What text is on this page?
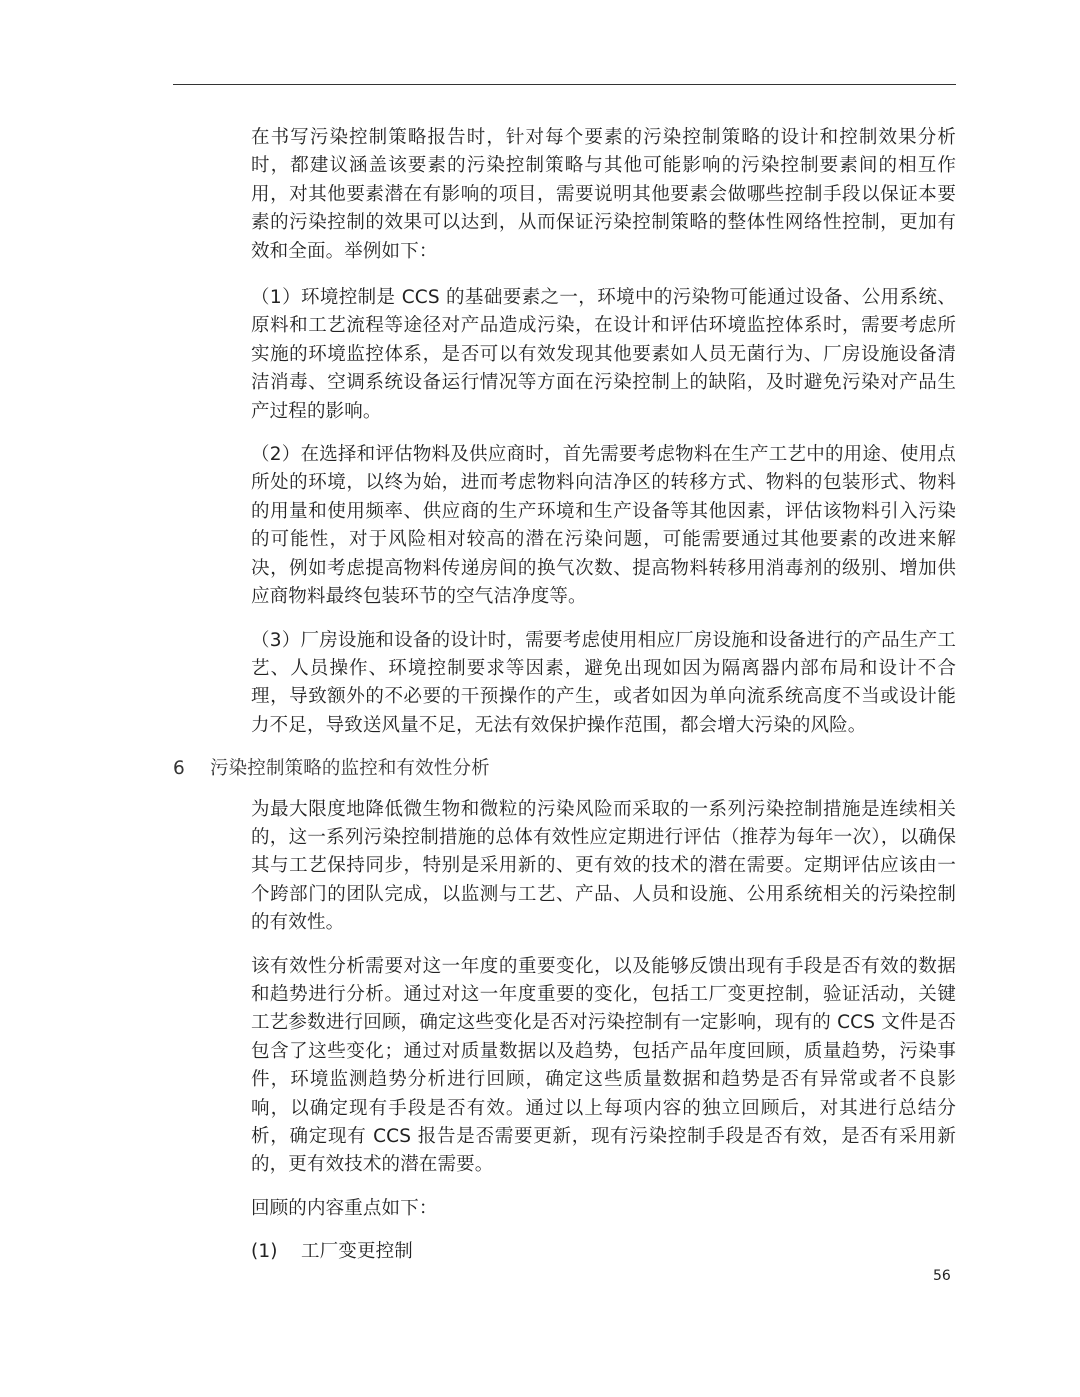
在书写污染控制策略报告时，针对每个要素的污染控制策略的设计和控制效果分析时，都建议涵盖该要素的污染控制策略与其他可能影响的污染控制要素间的相互作用，对其他要素潜在有影响的项目，需要说明其他要素会做哪些控制手段以保证本要素的污染控制的效果可以达到，从而保证污染控制策略的整体性网络性控制，更加有效和全面。举例如下：

（1）环境控制是 CCS 的基础要素之一，环境中的污染物可能通过设备、公用系统、原料和工艺流程等途径对产品造成污染，在设计和评估环境监控体系时，需要考虑所实施的环境监控体系，是否可以有效发现其他要素如人员无菌行为、厂房设施设备清洁消毒、空调系统设备运行情况等方面在污染控制上的缺陷，及时避免污染对产品生产过程的影响。

（2）在选择和评估物料及供应商时，首先需要考虑物料在生产工艺中的用途、使用点所处的环境，以终为始，进而考虑物料向洁净区的转移方式、物料的包装形式、物料的用量和使用频率、供应商的生产环境和生产设备等其他因素，评估该物料引入污染的可能性，对于风险相对较高的潜在污染问题，可能需要通过其他要素的改进来解决，例如考虑提高物料传递房间的换气次数、提高物料转移用消毒剂的级别、增加供应商物料最终包装环节的空气洁净度等。

（3）厂房设施和设备的设计时，需要考虑使用相应厂房设施和设备进行的产品生产工艺、人员操作、环境控制要求等因素，避免出现如因为隔离器内部布局和设计不合理，导致额外的不必要的干预操作的产生，或者如因为单向流系统高度不当或设计能力不足，导致送风量不足，无法有效保护操作范围，都会增大污染的风险。

6	污染控制策略的监控和有效性分析

为最大限度地降低微生物和微粒的污染风险而采取的一系列污染控制措施是连续相关的，这一系列污染控制措施的总体有效性应定期进行评估（推荐为每年一次），以确保其与工艺保持同步，特别是采用新的、更有效的技术的潜在需要。定期评估应该由一个跨部门的团队完成，以监测与工艺、产品、人员和设施、公用系统相关的污染控制的有效性。

该有效性分析需要对这一年度的重要变化，以及能够反馈出现有手段是否有效的数据和趋势进行分析。通过对这一年度重要的变化，包括工厂变更控制，验证活动，关键工艺参数进行回顾，确定这些变化是否对污染控制有一定影响，现有的 CCS 文件是否包含了这些变化；通过对质量数据以及趋势，包括产品年度回顾，质量趋势，污染事件，环境监测趋势分析进行回顾，确定这些质量数据和趋势是否有异常或者不良影响，以确定现有手段是否有效。通过以上每项内容的独立回顾后，对其进行总结分析，确定现有 CCS 报告是否需要更新，现有污染控制手段是否有效，是否有采用新的，更有效技术的潜在需要。

回顾的内容重点如下：

(1)	工厂变更控制
56
